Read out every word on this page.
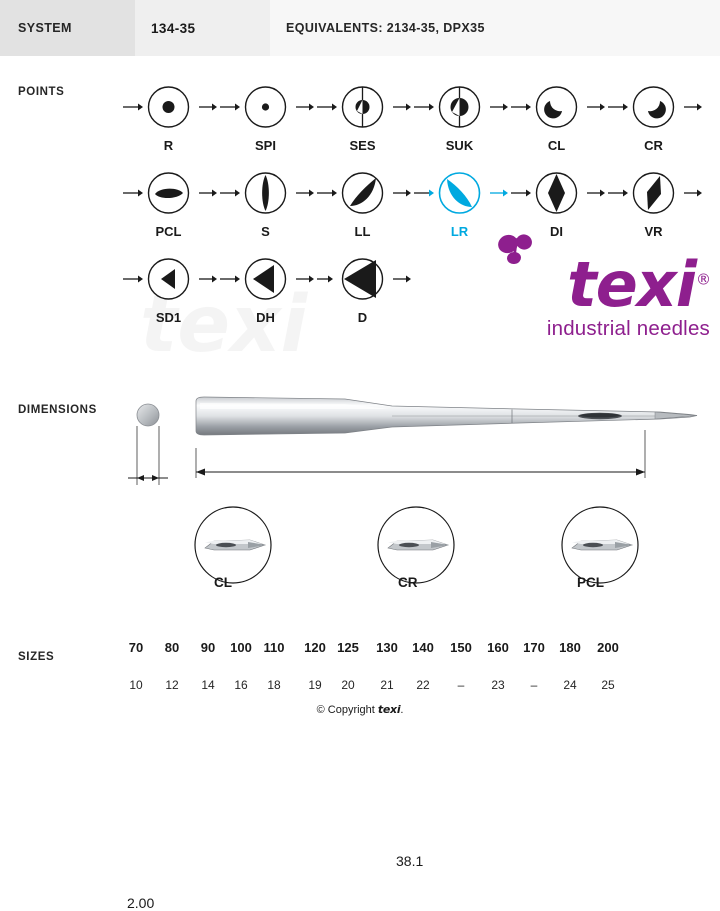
SYSTEM	134-35	EQUIVALENTS: 2134-35, DPX35
POINTS
DIMENSIONS
SIZES
R	SPI	SES	SUK	CL	CR
PCL	S	LL	LR	DI	VR
SD1	DH	D	texi®
industrial needles
38.1
2.00
CL	CR	PCL
70	80	90	100 110	120 125	130	140	150	160	170	180	200
10	12	14	16	18	19	20	21	22	–	23	–	24	25
© Copyright texi.
